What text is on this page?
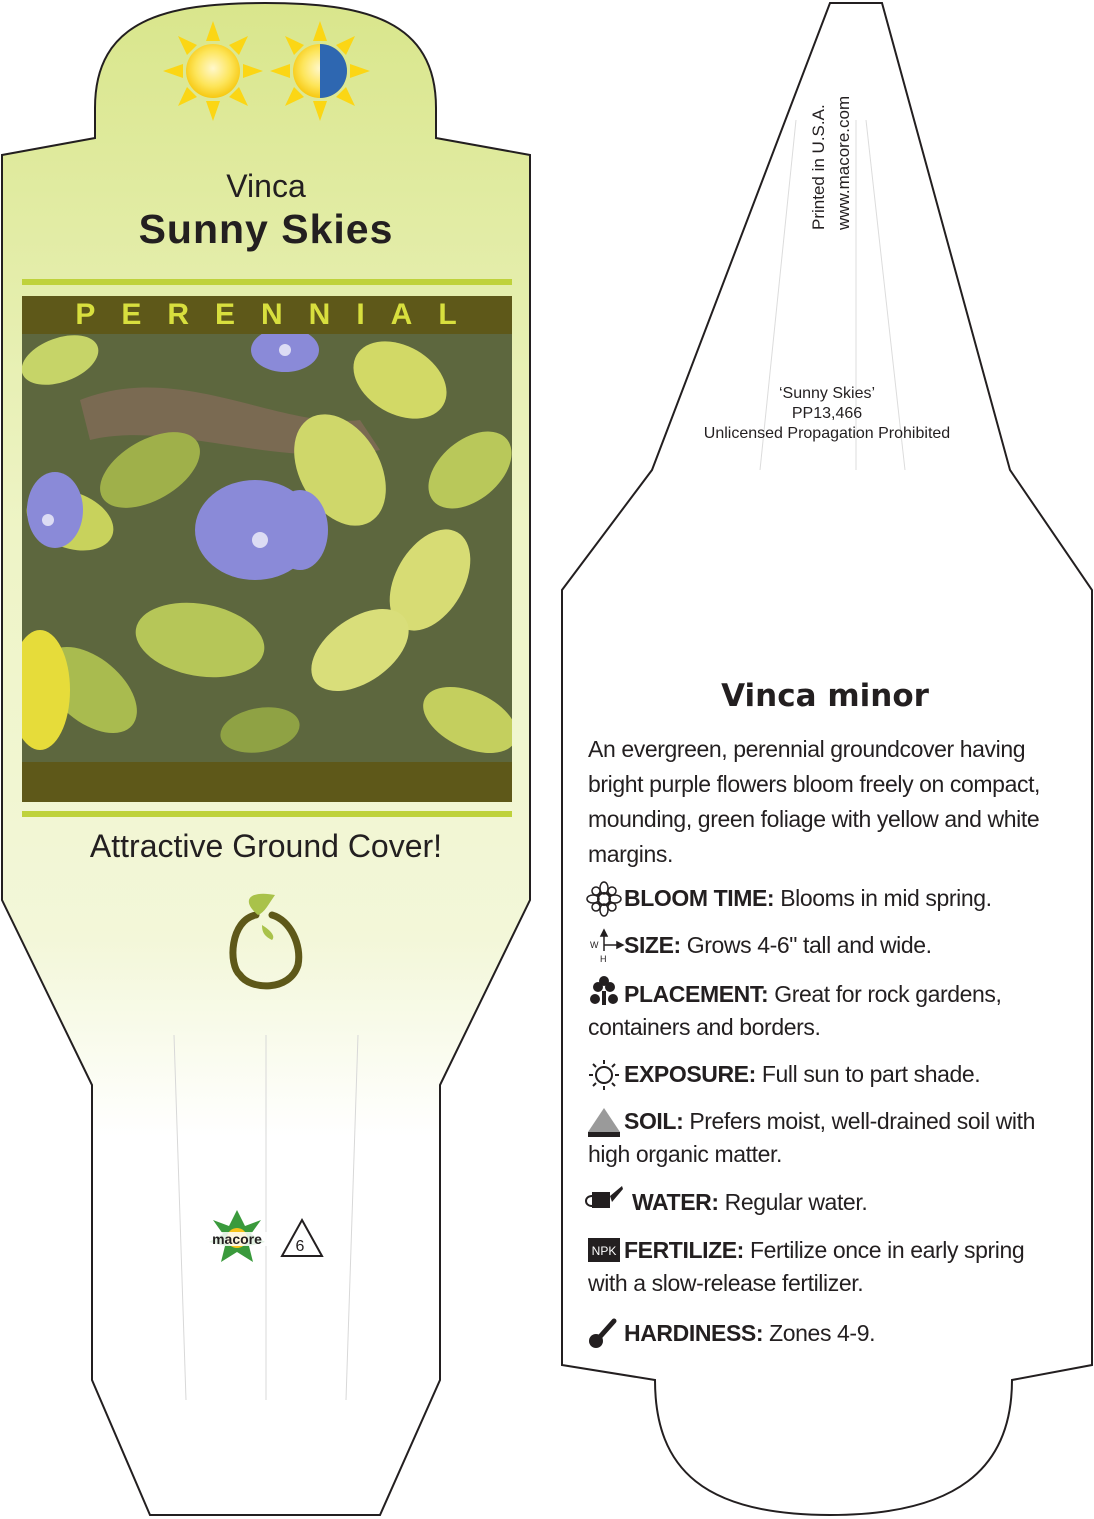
macore 6
W
H
NPK
Vinca
Sunny Skies
PERENNIAL
Attractive Ground Cover!
Printed in U.S.A. www.macore.com
‘Sunny Skies’
PP13,466
Unlicensed Propagation Prohibited
Vinca minor
An evergreen, perennial groundcover having bright purple flowers bloom freely on compact, mounding, green foliage with yellow and white margins.
BLOOM TIME: Blooms in mid spring.
SIZE: Grows 4-6" tall and wide.
PLACEMENT: Great for rock gardens, containers and borders.
EXPOSURE: Full sun to part shade.
SOIL: Prefers moist, well-drained soil with high organic matter.
WATER: Regular water.
FERTILIZE: Fertilize once in early spring with a slow-release fertilizer.
HARDINESS: Zones 4-9.
